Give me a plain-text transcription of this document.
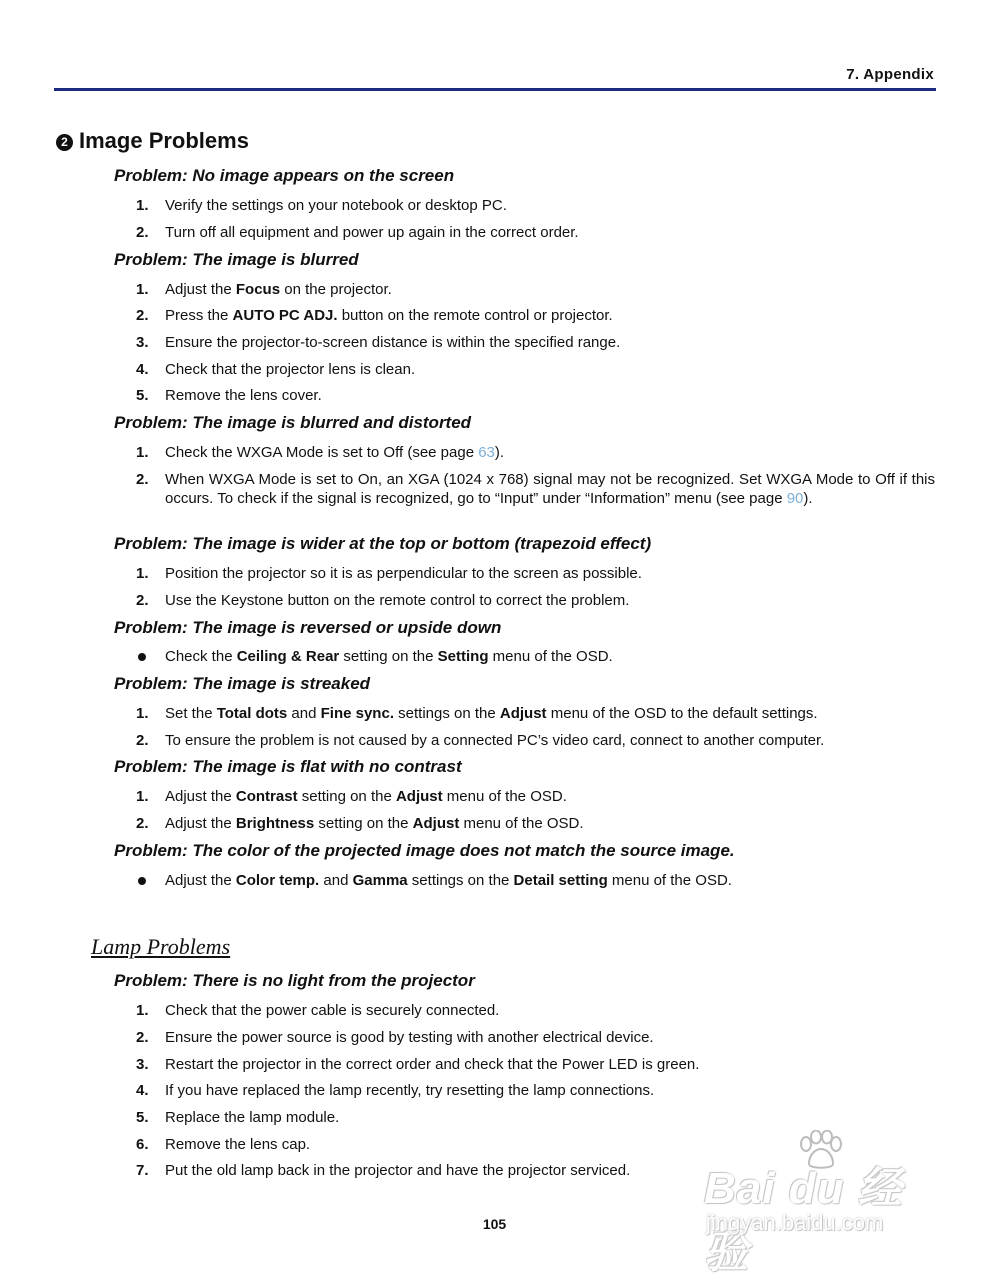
7. Appendix
2 Image Problems
Problem: No image appears on the screen
1. Verify the settings on your notebook or desktop PC.
2. Turn off all equipment and power up again in the correct order.
Problem: The image is blurred
1. Adjust the Focus on the projector.
2. Press the AUTO PC ADJ. button on the remote control or projector.
3. Ensure the projector-to-screen distance is within the specified range.
4. Check that the projector lens is clean.
5. Remove the lens cover.
Problem: The image is blurred and distorted
1. Check the WXGA Mode is set to Off (see page 63).
2. When WXGA Mode is set to On, an XGA (1024 x 768) signal may not be recognized. Set WXGA Mode to Off if this occurs. To check if the signal is recognized, go to “Input” under “Information” menu (see page 90).
Problem: The image is wider at the top or bottom (trapezoid effect)
1. Position the projector so it is as perpendicular to the screen as possible.
2. Use the Keystone button on the remote control to correct the problem.
Problem: The image is reversed or upside down
Check the Ceiling & Rear setting on the Setting menu of the OSD.
Problem: The image is streaked
1. Set the Total dots and Fine sync. settings on the Adjust menu of the OSD to the default settings.
2. To ensure the problem is not caused by a connected PC’s video card, connect to another computer.
Problem: The image is flat with no contrast
1. Adjust the Contrast setting on the Adjust menu of the OSD.
2. Adjust the Brightness setting on the Adjust menu of the OSD.
Problem: The color of the projected image does not match the source image.
Adjust the Color temp. and Gamma settings on the Detail setting menu of the OSD.
Lamp Problems
Problem: There is no light from the projector
1. Check that the power cable is securely connected.
2. Ensure the power source is good by testing with another electrical device.
3. Restart the projector in the correct order and check that the Power LED is green.
4. If you have replaced the lamp recently, try resetting the lamp connections.
5. Replace the lamp module.
6. Remove the lens cap.
7. Put the old lamp back in the projector and have the projector serviced.
105
Bai du 经验
jingyan.baidu.com
